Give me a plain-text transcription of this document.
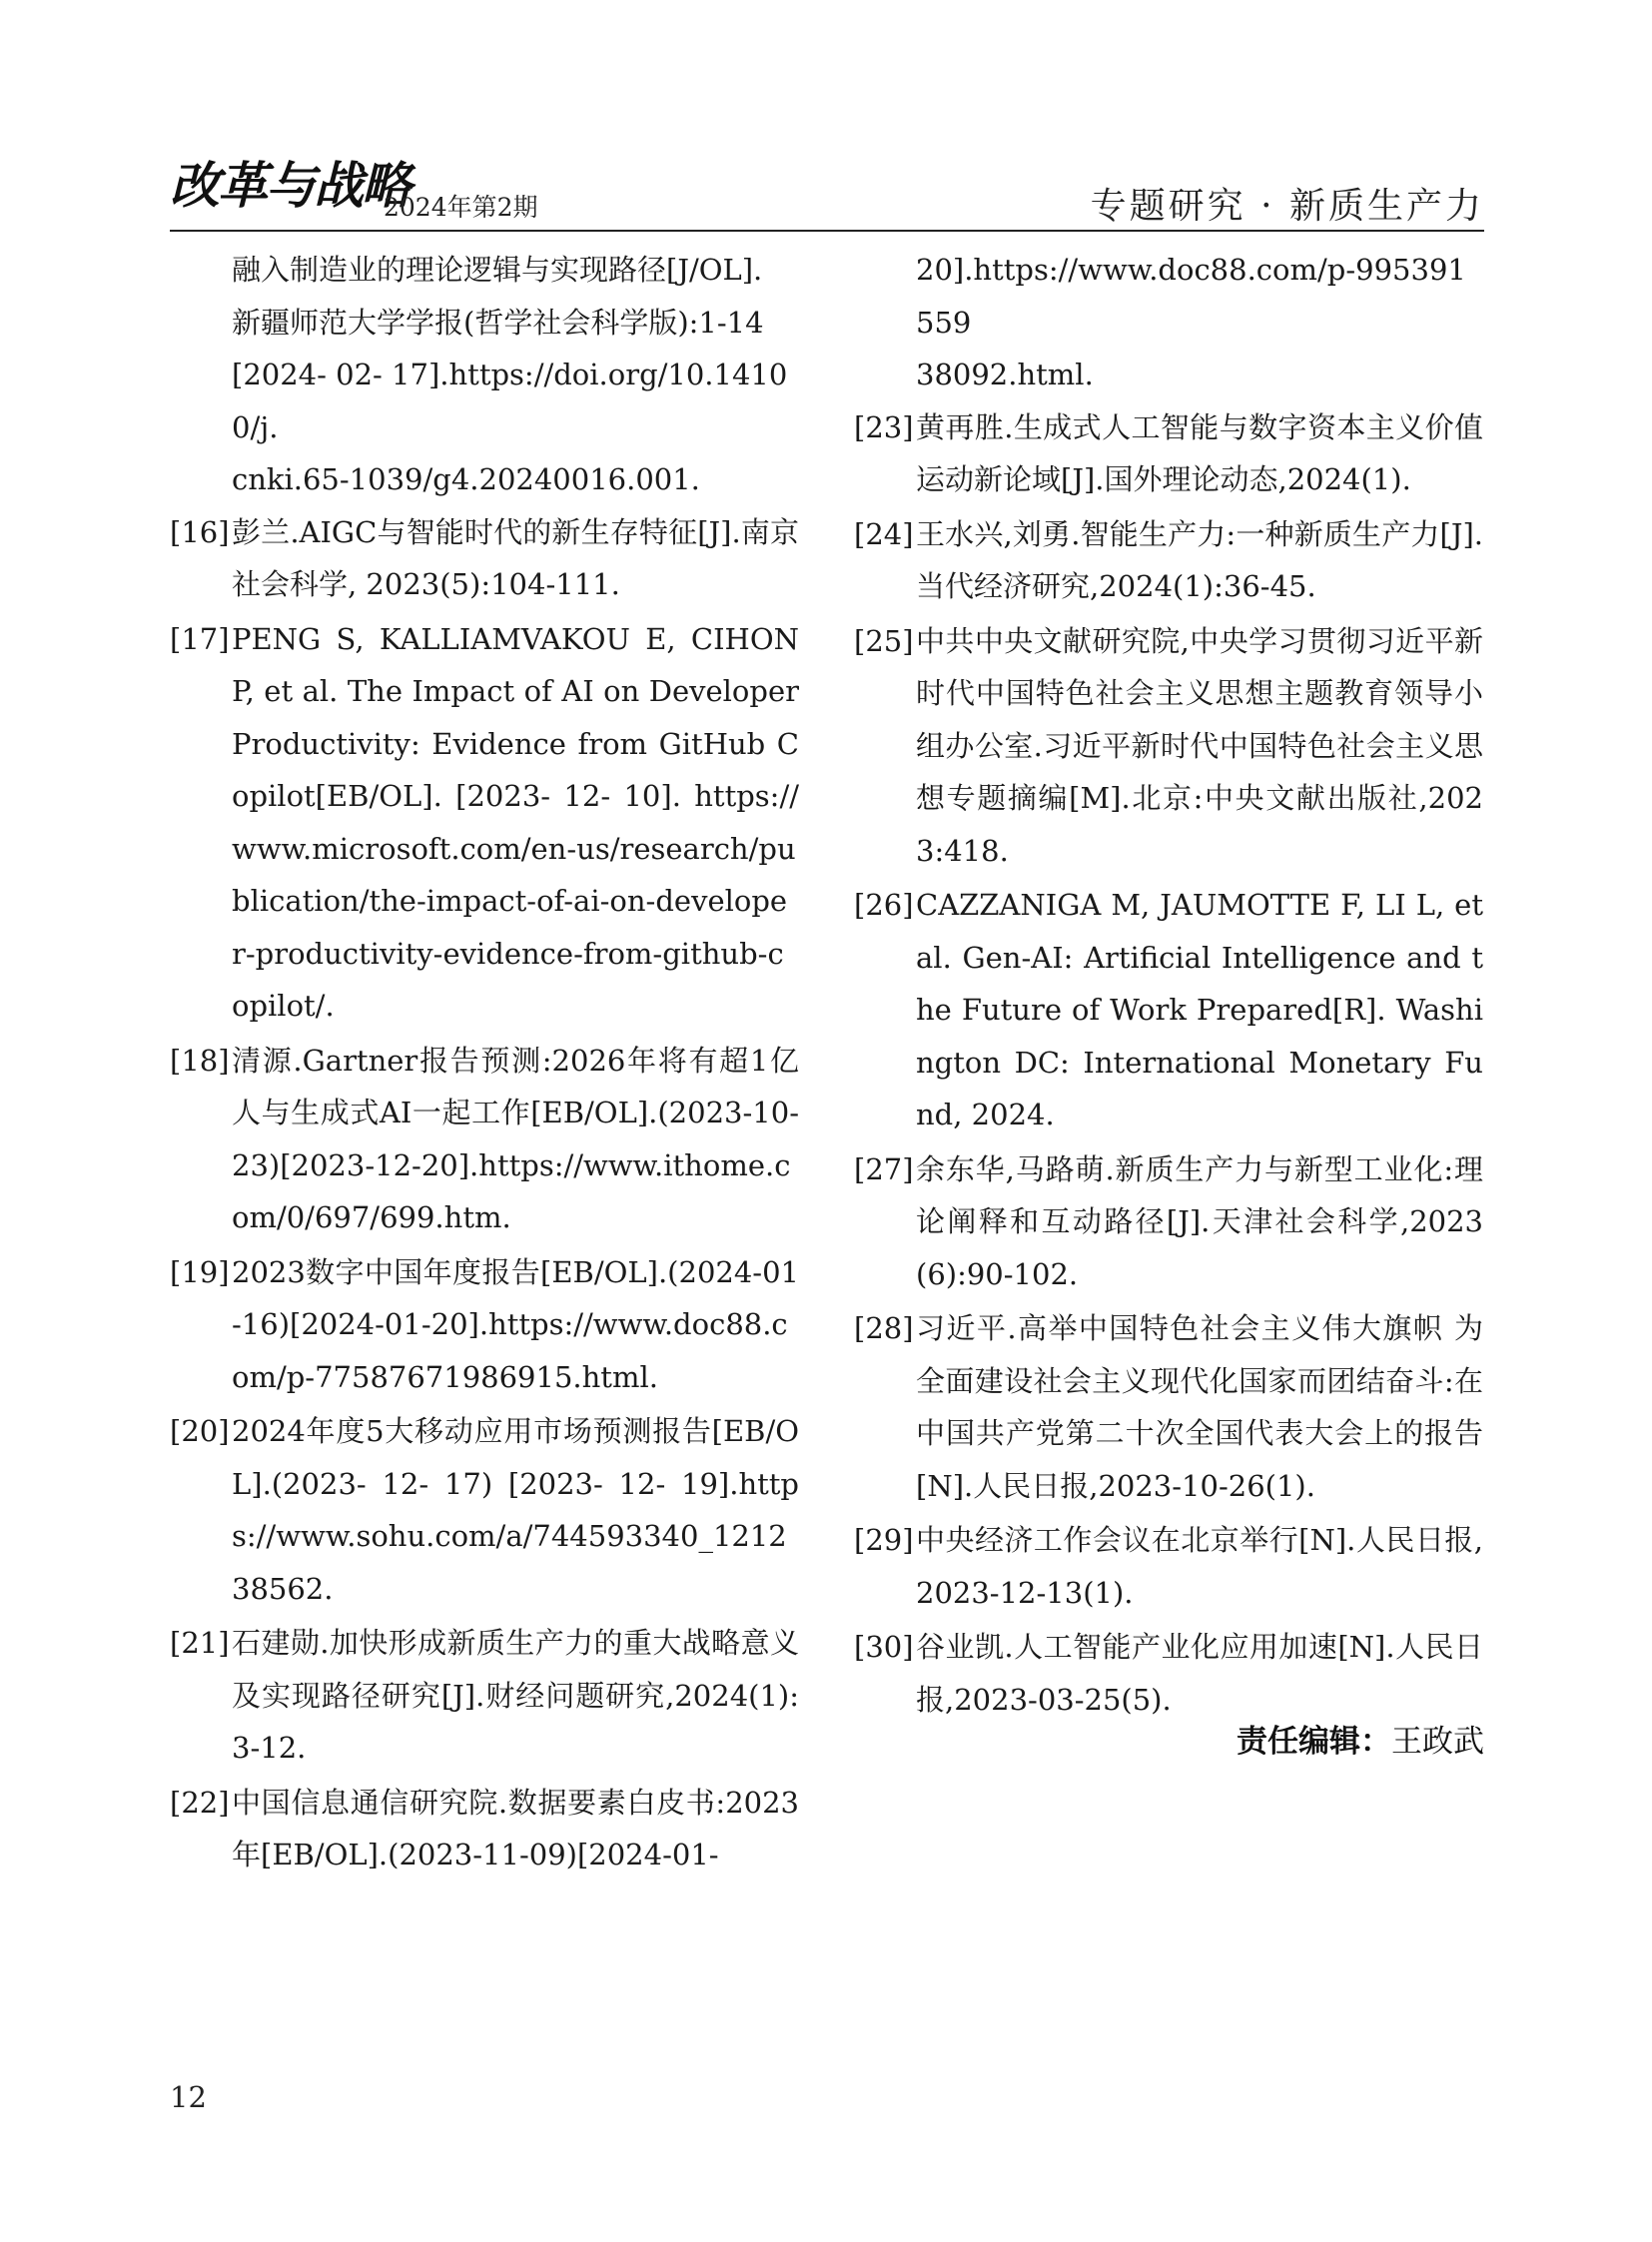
改革与战略
2024年第2期	专题研究 · 新质生产力
融入制造业的理论逻辑与实现路径[J/OL].
新疆师范大学学报(哲学社会科学版):1-14
[2024- 02- 17].https://doi.org/10.14100/j.
cnki.65-1039/g4.20240016.001.
[16] 彭兰.AIGC与智能时代的新生存特征[J].南京社会科学, 2023(5):104-111.
[17] PENG S, KALLIAMVAKOU E, CIHON P, et al. The Impact of AI on Developer Productivity: Evidence from GitHub Copilot[EB/OL]. [2023- 12- 10]. https://www.microsoft.com/en-us/research/publication/the-impact-of-ai-on-developer-productivity-evidence-from-github-copilot/.
[18] 清源.Gartner报告预测:2026年将有超1亿人与生成式AI一起工作[EB/OL].(2023-10-23)[2023-12-20].https://www.ithome.com/0/697/699.htm.
[19] 2023数字中国年度报告[EB/OL].(2024-01-16)[2024-01-20].https://www.doc88.com/p-77587671986915.html.
[20] 2024年度5大移动应用市场预测报告[EB/OL].(2023- 12- 17) [2023- 12- 19].https://www.sohu.com/a/744593340_121238562.
[21] 石建勋.加快形成新质生产力的重大战略意义及实现路径研究[J].财经问题研究,2024(1):3-12.
[22] 中国信息通信研究院.数据要素白皮书:2023年[EB/OL].(2023-11-09)[2024-01-
20].https://www.doc88.com/p-995391559
38092.html.
[23] 黄再胜.生成式人工智能与数字资本主义价值运动新论域[J].国外理论动态,2024(1).
[24] 王水兴,刘勇.智能生产力:一种新质生产力[J].当代经济研究,2024(1):36-45.
[25] 中共中央文献研究院,中央学习贯彻习近平新时代中国特色社会主义思想主题教育领导小组办公室.习近平新时代中国特色社会主义思想专题摘编[M].北京:中央文献出版社,2023:418.
[26] CAZZANIGA M, JAUMOTTE F, LI L, et al. Gen-AI: Artificial Intelligence and the Future of Work Prepared[R]. Washington DC: International Monetary Fund, 2024.
[27] 余东华,马路萌.新质生产力与新型工业化:理论阐释和互动路径[J].天津社会科学,2023(6):90-102.
[28] 习近平.高举中国特色社会主义伟大旗帜 为全面建设社会主义现代化国家而团结奋斗:在中国共产党第二十次全国代表大会上的报告[N].人民日报,2023-10-26(1).
[29] 中央经济工作会议在北京举行[N].人民日报,2023-12-13(1).
[30] 谷业凯.人工智能产业化应用加速[N].人民日报,2023-03-25(5).
责任编辑：王政武
12
